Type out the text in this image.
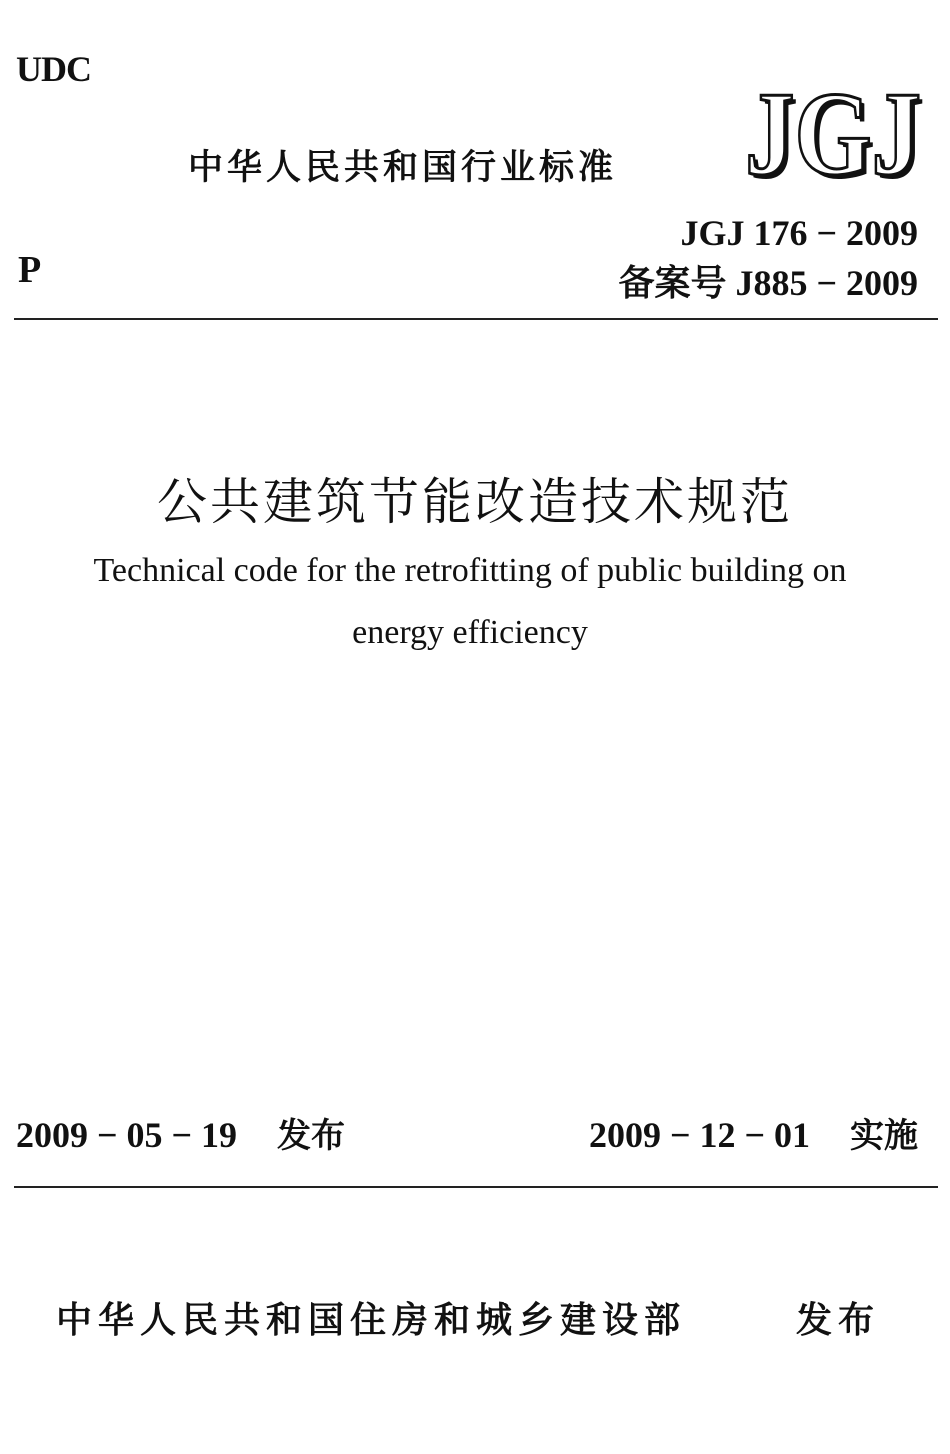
UDC
中华人民共和国行业标准 JGJ
JGJ
P
JGJ 176 − 2009
备案号 J885 − 2009
公共建筑节能改造技术规范
Technical code for the retrofitting of public building on
energy efficiency
2009 − 05 − 19 发布	2009 − 12 − 01 实施
中华人民共和国住房和城乡建设部	发布
